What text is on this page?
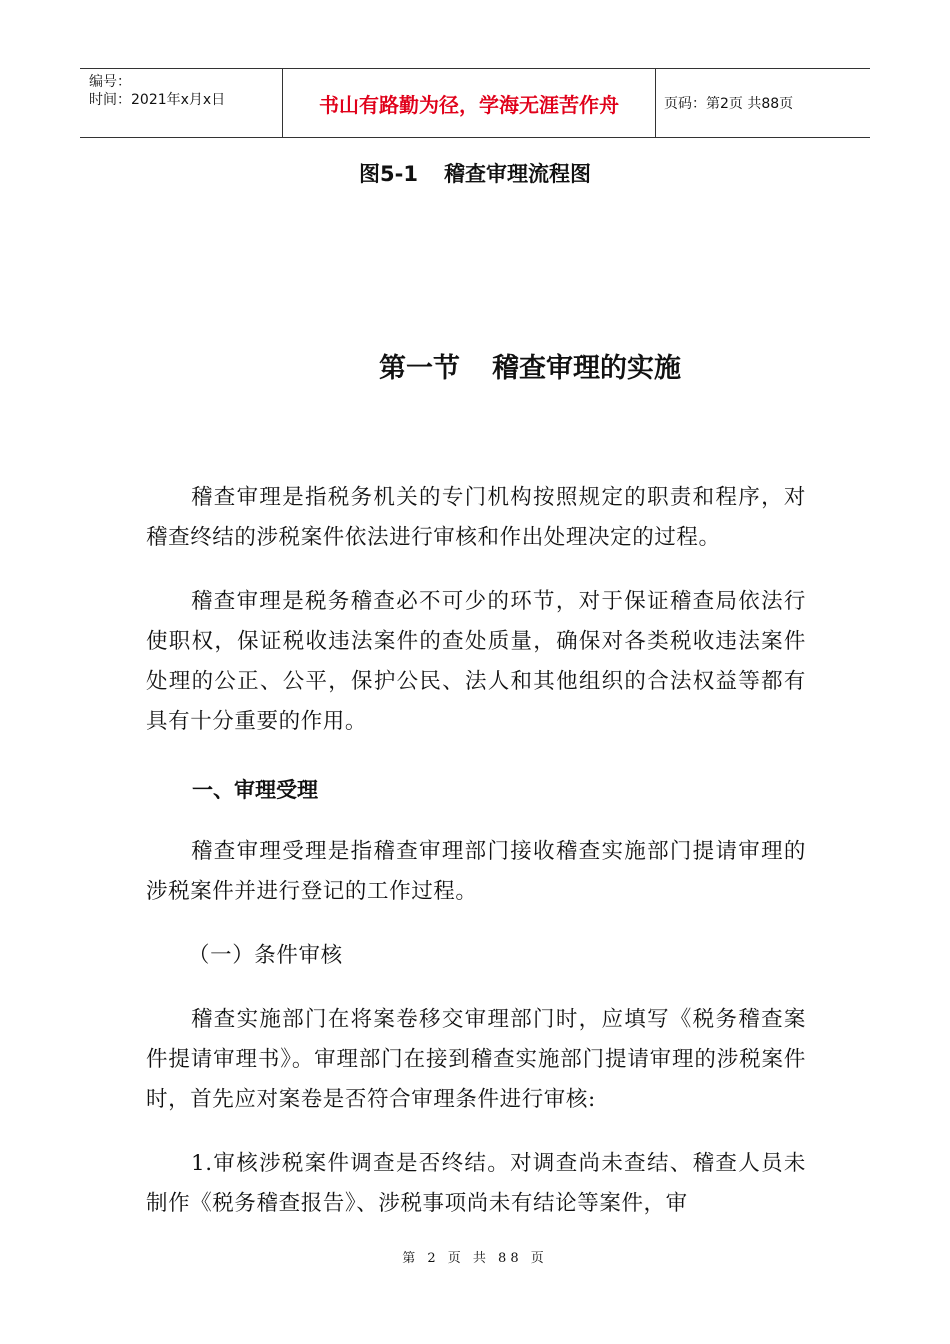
编号：
时间：2021年x月x日	书山有路勤为径，学海无涯苦作舟	页码：第2页 共88页
图5-1 稽查审理流程图
第一节 稽查审理的实施
稽查审理是指税务机关的专门机构按照规定的职责和程序，对稽查终结的涉税案件依法进行审核和作出处理决定的过程。
稽查审理是税务稽查必不可少的环节，对于保证稽查局依法行使职权，保证税收违法案件的查处质量，确保对各类税收违法案件处理的公正、公平，保护公民、法人和其他组织的合法权益等都有具有十分重要的作用。
一、审理受理
稽查审理受理是指稽查审理部门接收稽查实施部门提请审理的涉税案件并进行登记的工作过程。
（一）条件审核
稽查实施部门在将案卷移交审理部门时，应填写《税务稽查案件提请审理书》。审理部门在接到稽查实施部门提请审理的涉税案件时，首先应对案卷是否符合审理条件进行审核:
1.审核涉税案件调查是否终结。对调查尚未查结、稽查人员未制作《税务稽查报告》、涉税事项尚未有结论等案件，审
第 2 页 共 88 页
